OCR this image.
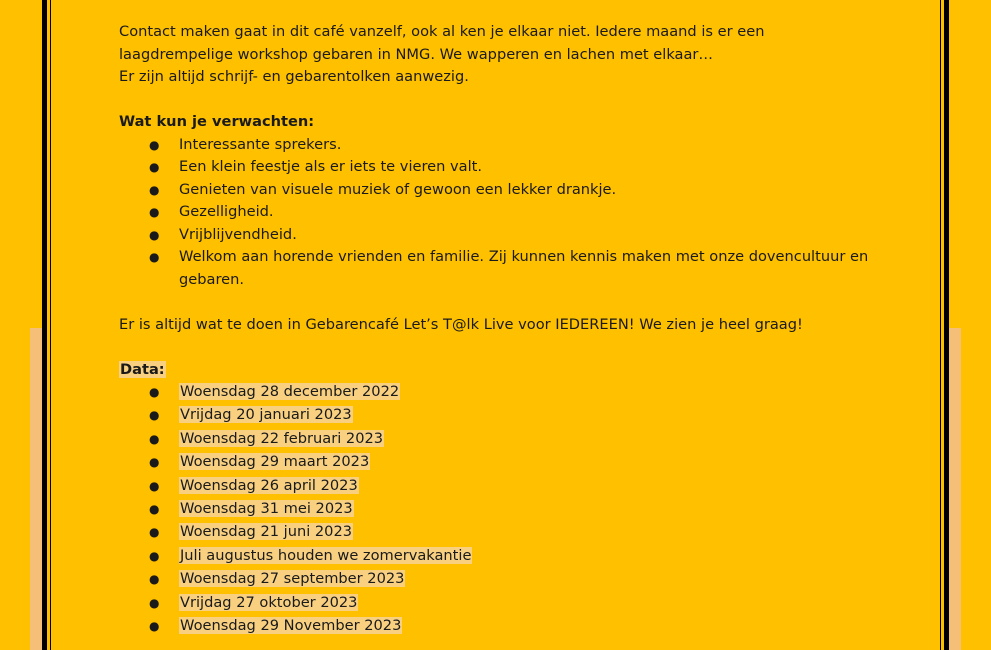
Contact maken gaat in dit café vanzelf, ook al ken je elkaar niet. Iedere maand is er een

laagdrempelige workshop gebaren in NMG. We wapperen en lachen met elkaar…

Er zijn altijd schrijf- en gebarentolken aanwezig.

Wat kun je verwachten:

●	Interessante sprekers.
●	Een klein feestje als er iets te vieren valt.
●	Genieten van visuele muziek of gewoon een lekker drankje.
●	Gezelligheid.
●	Vrijblijvendheid.
●	Welkom aan horende vrienden en familie. Zij kunnen kennis maken met onze dovencultuur en gebaren.

Er is altijd wat te doen in Gebarencafé Let’s T@lk Live voor IEDEREEN! We zien je heel graag!

Data:

●	Woensdag 28 december 2022
●	Vrijdag 20 januari 2023
●	Woensdag 22 februari 2023
●	Woensdag 29 maart 2023
●	Woensdag 26 april 2023
●	Woensdag 31 mei 2023
●	Woensdag 21 juni 2023
●	Juli augustus houden we zomervakantie
●	Woensdag 27 september 2023
●	Vrijdag 27 oktober 2023
●	Woensdag 29 November 2023
